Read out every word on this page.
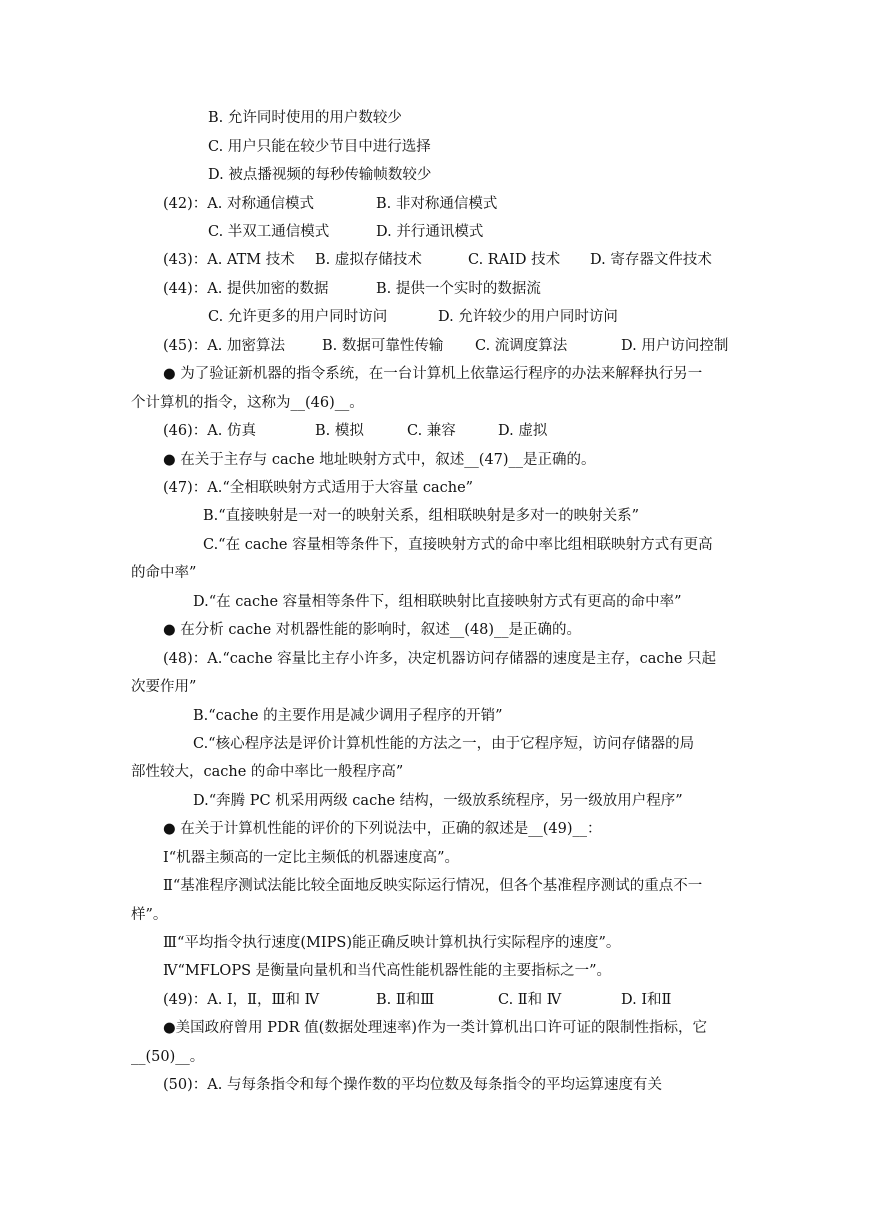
B. 允许同时使用的用户数较少
C. 用户只能在较少节目中进行选择
D. 被点播视频的每秒传输帧数较少
(42)：A. 对称通信模式	B. 非对称通信模式
C. 半双工通信模式	D. 并行通讯模式
(43)：A. ATM 技术 B. 虚拟存储技术	C. RAID 技术 D. 寄存器文件技术
(44)：A. 提供加密的数据	B. 提供一个实时的数据流
C. 允许更多的用户同时访问	D. 允许较少的用户同时访问
(45)：A. 加密算法	B. 数据可靠性传输 C. 流调度算法	D. 用户访问控制
● 为了验证新机器的指令系统，在一台计算机上依靠运行程序的办法来解释执行另一
个计算机的指令，这称为__(46)__。
(46)：A. 仿真	B. 模拟	C. 兼容	D. 虚拟
● 在关于主存与 cache 地址映射方式中，叙述__(47)__是正确的。
(47)：A.“全相联映射方式适用于大容量 cache”
B.“直接映射是一对一的映射关系，组相联映射是多对一的映射关系”
C.“在 cache 容量相等条件下，直接映射方式的命中率比组相联映射方式有更高
的命中率”
D.“在 cache 容量相等条件下，组相联映射比直接映射方式有更高的命中率”
● 在分析 cache 对机器性能的影响时，叙述__(48)__是正确的。
(48)：A.“cache 容量比主存小许多，决定机器访问存储器的速度是主存，cache 只起
次要作用”
B.“cache 的主要作用是减少调用子程序的开销”
C.“核心程序法是评价计算机性能的方法之一，由于它程序短，访问存储器的局
部性较大，cache 的命中率比一般程序高”
D.“奔腾 PC 机采用两级 cache 结构，一级放系统程序，另一级放用户程序”
● 在关于计算机性能的评价的下列说法中，正确的叙述是__(49)__：
Ⅰ“机器主频高的一定比主频低的机器速度高”。
Ⅱ“基准程序测试法能比较全面地反映实际运行情况，但各个基准程序测试的重点不一
样”。
Ⅲ“平均指令执行速度(MIPS)能正确反映计算机执行实际程序的速度”。
Ⅳ“MFLOPS 是衡量向量机和当代高性能机器性能的主要指标之一”。
(49)：A. Ⅰ，Ⅱ，Ⅲ和 Ⅳ	B. Ⅱ和Ⅲ	C. Ⅱ和 Ⅳ	D. Ⅰ和Ⅱ
●美国政府曾用 PDR 值(数据处理速率)作为一类计算机出口许可证的限制性指标，它
__(50)__。
(50)：A. 与每条指令和每个操作数的平均位数及每条指令的平均运算速度有关
